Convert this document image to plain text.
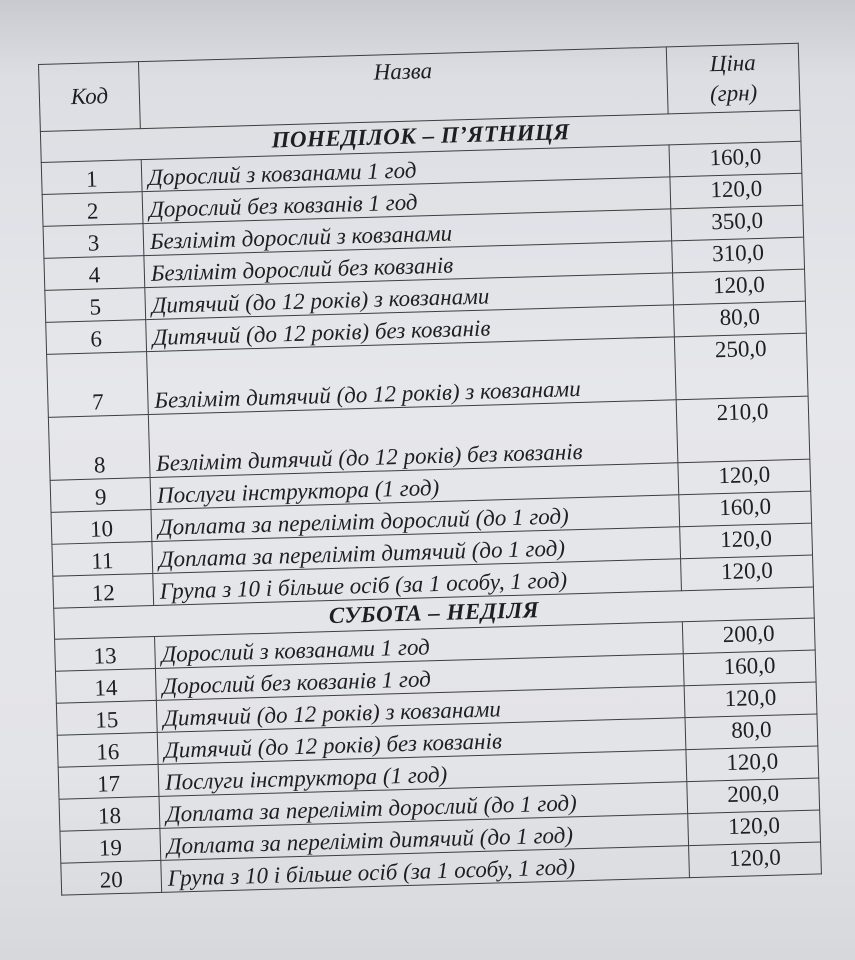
Код	Назва	Ціна
(грн)
ПОНЕДІЛОК – П’ЯТНИЦЯ		
1	Дорослий з ковзанами 1 год	160,0
2	Дорослий без ковзанів 1 год	120,0
3	Безліміт дорослий з ковзанами	350,0
4	Безліміт дорослий без ковзанів	310,0
5	Дитячий (до 12 років) з ковзанами	120,0
6	Дитячий (до 12 років) без ковзанів	80,0
7	Безліміт дитячий (до 12 років) з ковзанами	250,0
8	Безліміт дитячий (до 12 років) без ковзанів	210,0
9	Послуги інструктора (1 год)	120,0
10	Доплата за переліміт дорослий (до 1 год)	160,0
11	Доплата за переліміт дитячий (до 1 год)	120,0
12	Група з 10 і більше осіб (за 1 особу, 1 год)	120,0
СУБОТА – НЕДІЛЯ		
13	Дорослий з ковзанами 1 год	200,0
14	Дорослий без ковзанів 1 год	160,0
15	Дитячий (до 12 років) з ковзанами	120,0
16	Дитячий (до 12 років) без ковзанів	80,0
17	Послуги інструктора (1 год)	120,0
18	Доплата за переліміт дорослий (до 1 год)	200,0
19	Доплата за переліміт дитячий (до 1 год)	120,0
20	Група з 10 і більше осіб (за 1 особу, 1 год)	120,0
